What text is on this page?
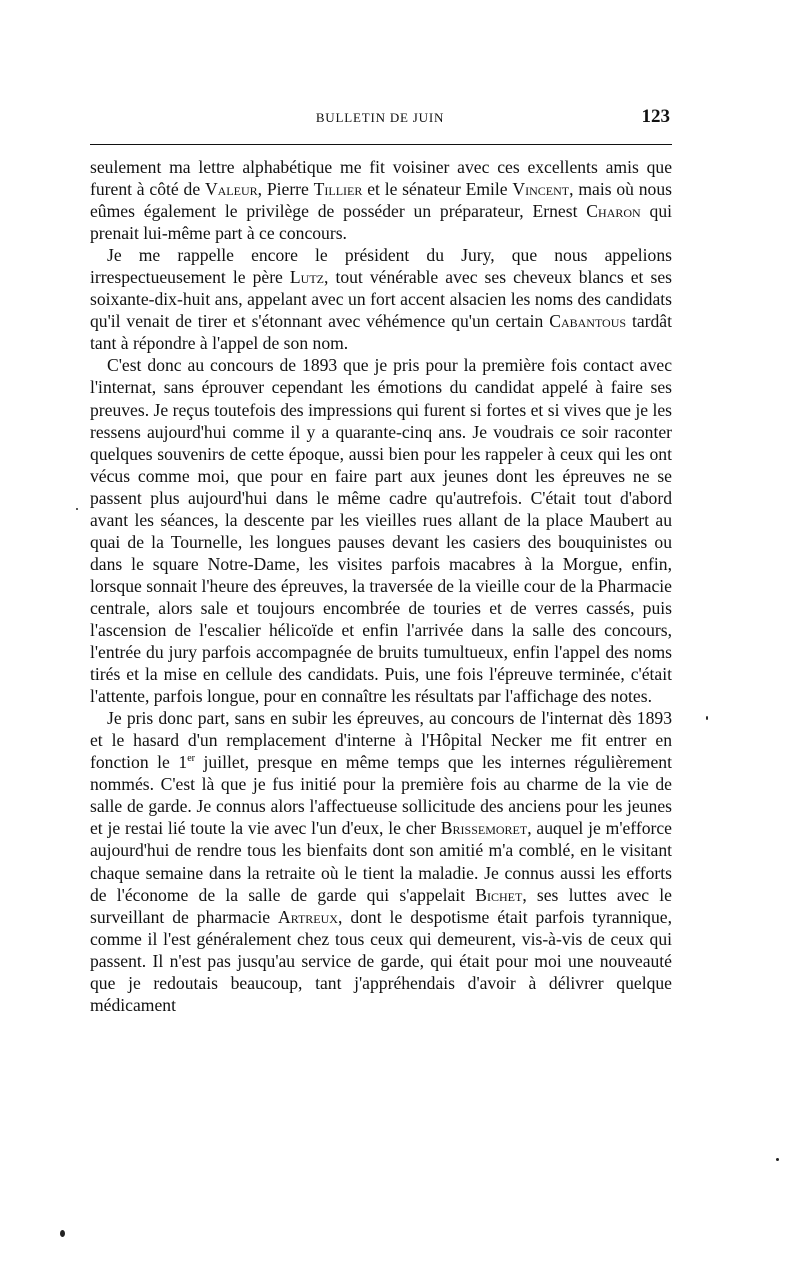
BULLETIN DE JUIN	123

seulement ma lettre alphabétique me fit voisiner avec ces excellents amis que furent à côté de Valeur, Pierre Tillier et le sénateur Emile Vincent, mais où nous eûmes également le privilège de posséder un préparateur, Ernest Charon qui prenait lui-même part à ce concours.

Je me rappelle encore le président du Jury, que nous appelions irrespectueusement le père Lutz, tout vénérable avec ses cheveux blancs et ses soixante-dix-huit ans, appelant avec un fort accent alsacien les noms des candidats qu'il venait de tirer et s'étonnant avec véhémence qu'un certain Cabantous tardât tant à répondre à l'appel de son nom.

C'est donc au concours de 1893 que je pris pour la première fois contact avec l'internat, sans éprouver cependant les émotions du candidat appelé à faire ses preuves. Je reçus toutefois des impressions qui furent si fortes et si vives que je les ressens aujourd'hui comme il y a quarante-cinq ans. Je voudrais ce soir raconter quelques souvenirs de cette époque, aussi bien pour les rappeler à ceux qui les ont vécus comme moi, que pour en faire part aux jeunes dont les épreuves ne se passent plus aujourd'hui dans le même cadre qu'autrefois. C'était tout d'abord avant les séances, la descente par les vieilles rues allant de la place Maubert au quai de la Tournelle, les longues pauses devant les casiers des bouquinistes ou dans le square Notre-Dame, les visites parfois macabres à la Morgue, enfin, lorsque sonnait l'heure des épreuves, la traversée de la vieille cour de la Pharmacie centrale, alors sale et toujours encombrée de touries et de verres cassés, puis l'ascension de l'escalier hélicoïde et enfin l'arrivée dans la salle des concours, l'entrée du jury parfois accompagnée de bruits tumultueux, enfin l'appel des noms tirés et la mise en cellule des candidats. Puis, une fois l'épreuve terminée, c'était l'attente, parfois longue, pour en connaître les résultats par l'affichage des notes.

Je pris donc part, sans en subir les épreuves, au concours de l'internat dès 1893 et le hasard d'un remplacement d'interne à l'Hôpital Necker me fit entrer en fonction le 1er juillet, presque en même temps que les internes régulièrement nommés. C'est là que je fus initié pour la première fois au charme de la vie de salle de garde. Je connus alors l'affectueuse sollicitude des anciens pour les jeunes et je restai lié toute la vie avec l'un d'eux, le cher Brissemoret, auquel je m'efforce aujourd'hui de rendre tous les bienfaits dont son amitié m'a comblé, en le visitant chaque semaine dans la retraite où le tient la maladie. Je connus aussi les efforts de l'économe de la salle de garde qui s'appelait Bichet, ses luttes avec le surveillant de pharmacie Artreux, dont le despotisme était parfois tyrannique, comme il l'est généralement chez tous ceux qui demeurent, vis-à-vis de ceux qui passent. Il n'est pas jusqu'au service de garde, qui était pour moi une nouveauté que je redoutais beaucoup, tant j'appréhendais d'avoir à délivrer quelque médicament
